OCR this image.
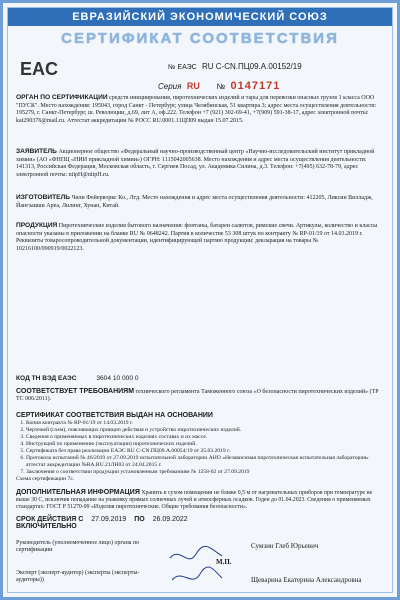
ЕВРАЗИЙСКИЙ ЭКОНОМИЧЕСКИЙ СОЮЗ
СЕРТИФИКАТ СООТВЕТСТВИЯ
EAC	№ ЕАЭС RU C-CN.ПЦ09.А.00152/19
Серия RU № 0147171
ОРГАН ПО СЕРТИФИКАЦИИ средств инициирования, пиротехнических изделий и тары для перевозки опасных грузов 1 класса ООО "ПУСК". Место нахождения: 195043, город Санкт - Петербург, улица Челябинская, 51 квартира 3; адрес места осуществления деятельности: 195279, г. Санкт-Петербург, ш. Революции, д.69, лит А, оф.222. Телефон +7 (921) 302-69-41, +7(909) 591-38-17, адрес электронной почты: kat290376@mail.ru. Аттестат аккредитации № РОСС RU.0001.11ЦП09 выдан 15.07.2015.
ЗАЯВИТЕЛЬ Акционерное общество «Федеральный научно-производственный центр «Научно-исследовательский институт прикладной химии» (АО «ФНПЦ «НИИ прикладной химии») ОГРН: 1115042005638. Место нахождения и адрес места осуществления деятельности: 141313, Российская Федерация, Московская область, г. Сергиев Посад, ул. Академика Силина, д.3. Телефон: +7(495) 632-78-79, адрес электронной почты: niipH@niipH.ru.
ИЗГОТОВИТЕЛЬ Чили Фейерворкс Ко., Лтд. Место нахождения и адрес места осуществления деятельности: 412205, Ликсин Вилладж, Йангзаиши Ареа, Лилинг, Хунан, Китай.
ПРОДУКЦИЯ Пиротехнические изделия бытового назначения: фонтаны, батареи салютов, римские свечи. Артикулы, количество и классы опасности указаны в приложении на бланке RU № 0648242. Партия в количестве 53 308 штук по контракту № RP-01/19 от 14.03.2019 г. Реквизиты товаросопроводительной документации, идентифицирующей партию продукции: декларация на товары № 10216100/090919/0022123.
КОД ТН ВЭД ЕАЭС	3604 10 000 0
СООТВЕТСТВУЕТ ТРЕБОВАНИЯМ технического регламента Таможенного союза «О безопасности пиротехнических изделий» (ТР ТС 006/2011).
СЕРТИФИКАТ СООТВЕТСТВИЯ ВЫДАН НА ОСНОВАНИИ
1. Копия контракта № RP-01/19 от 14.03.2019 г.
2. Чертежей (схем), поясняющих принцип действия и устройство пиротехнических изделий.
3. Сведения о применяемых в пиротехнических изделиях составах и их массе.
4. Инструкций по применению (эксплуатации) пиротехнических изделий.
5. Сертификата без права реализации ЕАЭС RU C-CN.ПЦ09.А.00054/19 от 25.03.2019 г.
6. Протокола испытаний № 46/2019 от 27.09.2019 испытательной лаборатории АНО «Независимая пиротехническая испытательная лаборатория» аттестат аккредитации №RA.RU.21ЛН03 от 24.04.2015 г.
7. Заключения о соответствии продукции установленным требованиям № 1258-02 от 27.09.2019
Схема сертификации 7с.
ДОПОЛНИТЕЛЬНАЯ ИНФОРМАЦИЯ Хранить в сухом помещении не ближе 0,5 м от нагревательных приборов при температуре не выше 30 С, исключив попадание на упаковку прямых солнечных лучей и атмосферных осадков. Годен до 01.04.2023. Сведения о применяемых стандартах: ГОСТ Р 51270-99 «Изделия пиротехнические. Общие требования безопасности».
СРОК ДЕЙСТВИЯ С 27.09.2019 ПО 26.09.2022
ВКЛЮЧИТЕЛЬНО
Руководитель (уполномоченное лицо) органа по сертификации
Эксперт (эксперт-аудитор) (эксперты (эксперты-аудиторы))
М.П.
Сумзин Глеб Юрьевич
Щеварина Екатерина Александровна
